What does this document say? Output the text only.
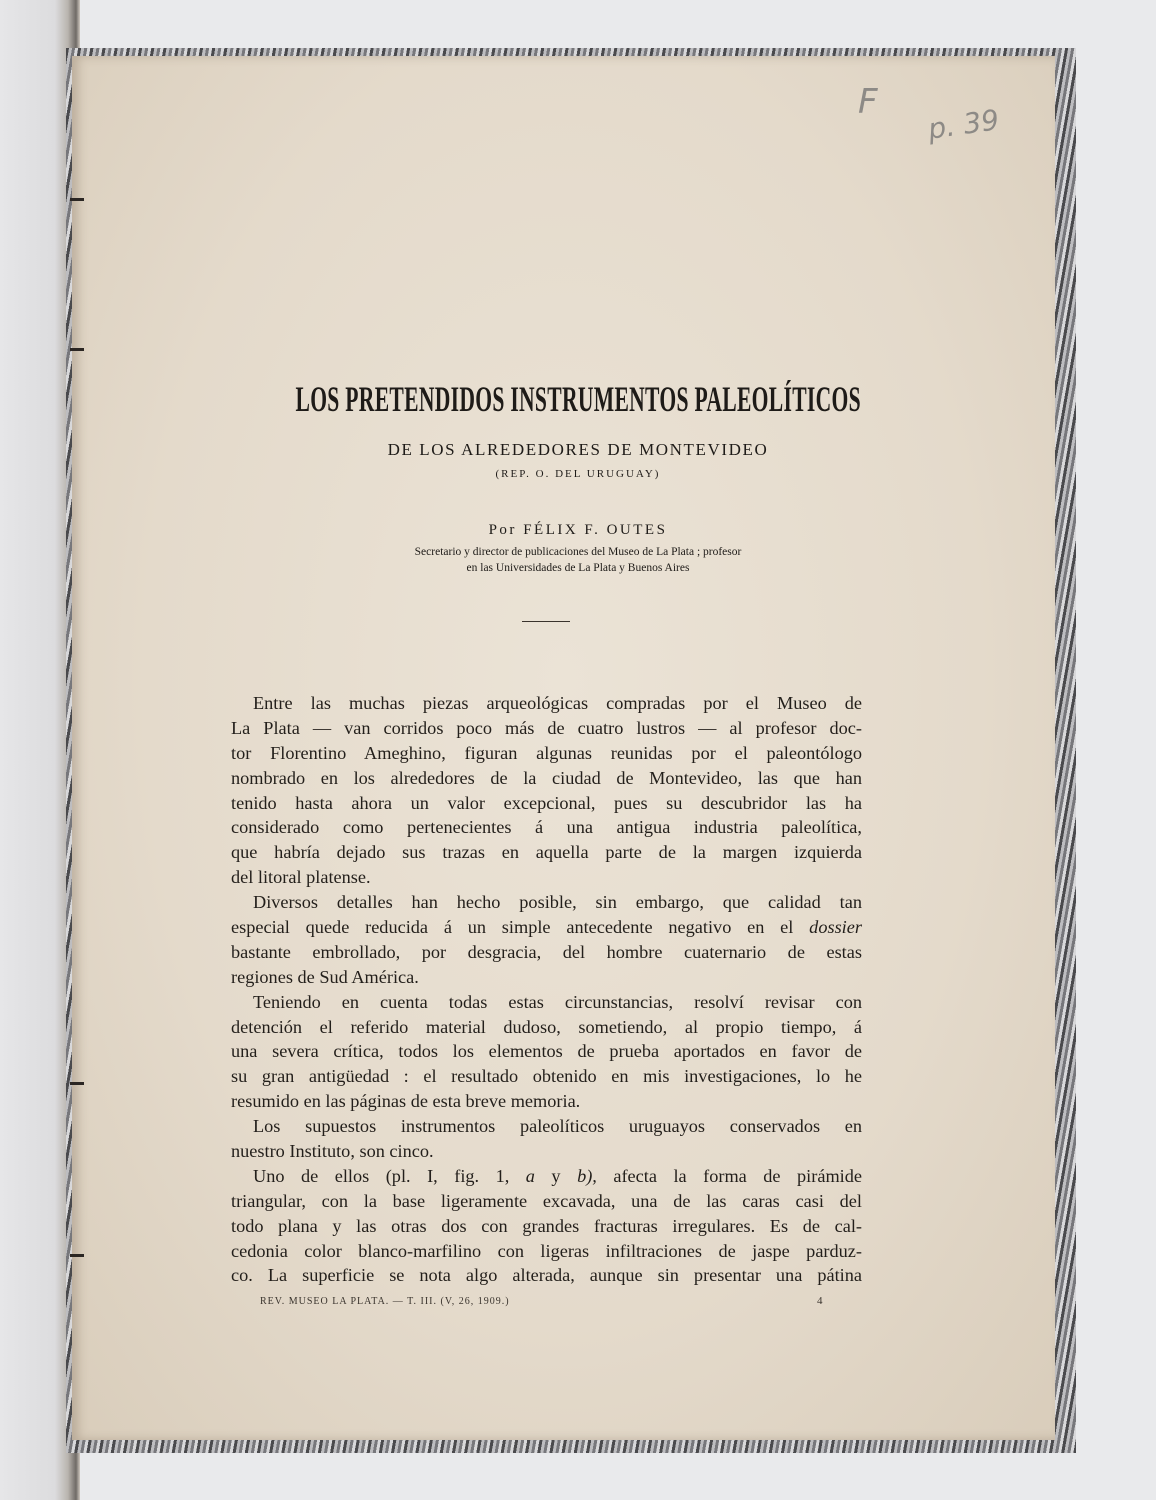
F
p. 39
LOS PRETENDIDOS INSTRUMENTOS PALEOLÍTICOS
DE LOS ALREDEDORES DE MONTEVIDEO
(REP. O. DEL URUGUAY)
Por FÉLIX F. OUTES
Secretario y director de publicaciones del Museo de La Plata ; profesor
en las Universidades de La Plata y Buenos Aires
Entre las muchas piezas arqueológicas compradas por el Museo de
La Plata — van corridos poco más de cuatro lustros — al profesor doc-
tor Florentino Ameghino, figuran algunas reunidas por el paleontólogo
nombrado en los alrededores de la ciudad de Montevideo, las que han
tenido hasta ahora un valor excepcional, pues su descubridor las ha
considerado como pertenecientes á una antigua industria paleolítica,
que habría dejado sus trazas en aquella parte de la margen izquierda
del litoral platense.
Diversos detalles han hecho posible, sin embargo, que calidad tan
especial quede reducida á un simple antecedente negativo en el dossier
bastante embrollado, por desgracia, del hombre cuaternario de estas
regiones de Sud América.
Teniendo en cuenta todas estas circunstancias, resolví revisar con
detención el referido material dudoso, sometiendo, al propio tiempo, á
una severa crítica, todos los elementos de prueba aportados en favor de
su gran antigüedad : el resultado obtenido en mis investigaciones, lo he
resumido en las páginas de esta breve memoria.
Los supuestos instrumentos paleolíticos uruguayos conservados en
nuestro Instituto, son cinco.
Uno de ellos (pl. I, fig. 1, a y b), afecta la forma de pirámide
triangular, con la base ligeramente excavada, una de las caras casi del
todo plana y las otras dos con grandes fracturas irregulares. Es de cal-
cedonia color blanco-marfilino con ligeras infiltraciones de jaspe parduz-
co. La superficie se nota algo alterada, aunque sin presentar una pátina
REV. MUSEO LA PLATA. — T. III. (V, 26, 1909.)	4
